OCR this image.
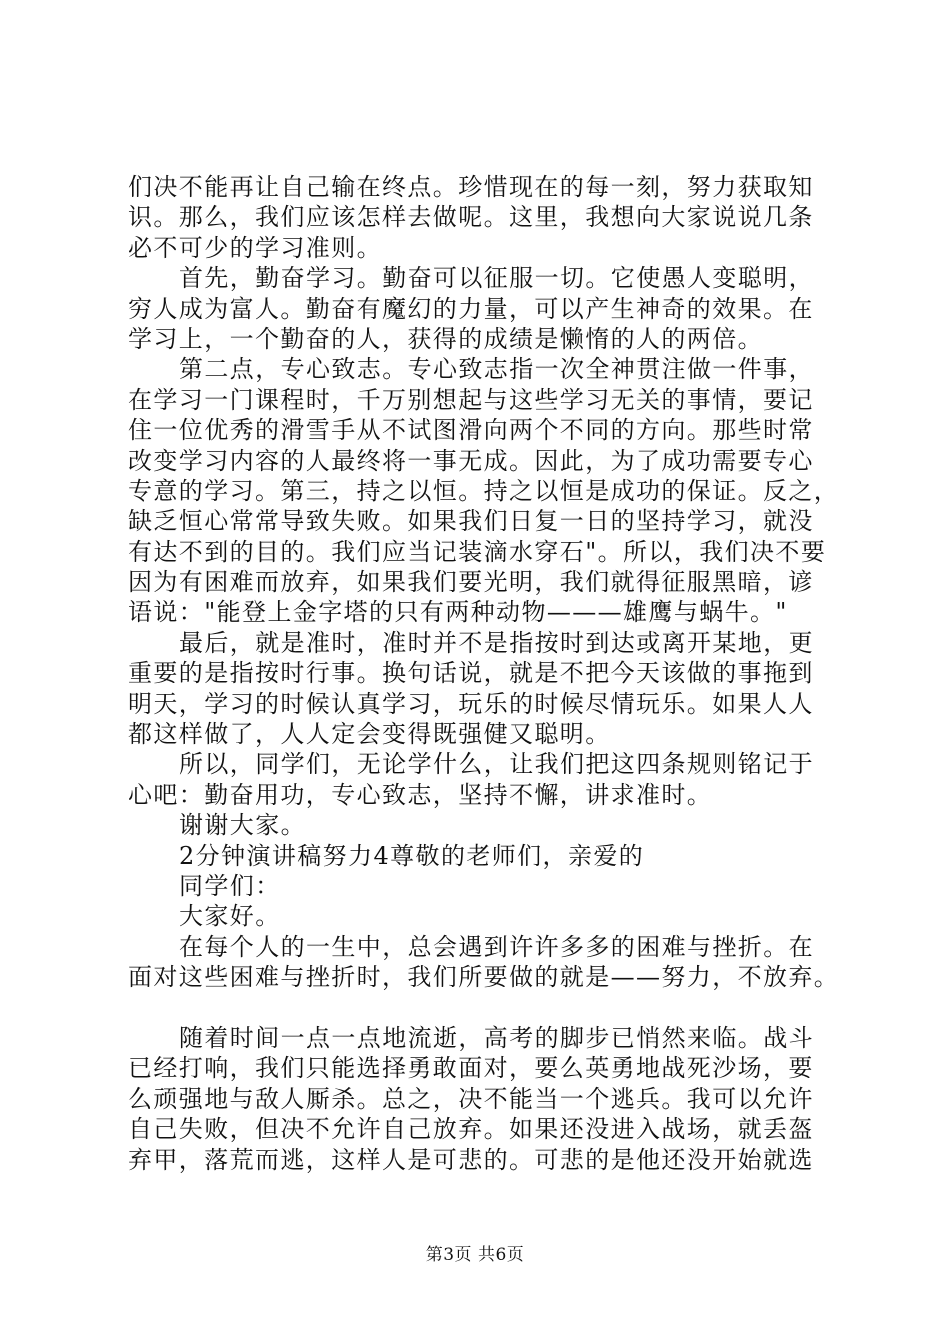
们决不能再让自己输在终点。珍惜现在的每一刻，努力获取知
识。那么，我们应该怎样去做呢。这里，我想向大家说说几条
必不可少的学习准则。
首先，勤奋学习。勤奋可以征服一切。它使愚人变聪明，
穷人成为富人。勤奋有魔幻的力量，可以产生神奇的效果。在
学习上，一个勤奋的人，获得的成绩是懒惰的人的两倍。
第二点，专心致志。专心致志指一次全神贯注做一件事，
在学习一门课程时，千万别想起与这些学习无关的事情，要记
住一位优秀的滑雪手从不试图滑向两个不同的方向。那些时常
改变学习内容的人最终将一事无成。因此，为了成功需要专心
专意的学习。第三，持之以恒。持之以恒是成功的保证。反之，
缺乏恒心常常导致失败。如果我们日复一日的坚持学习，就没
有达不到的目的。我们应当记装滴水穿石"。所以，我们决不要
因为有困难而放弃，如果我们要光明，我们就得征服黑暗，谚
语说："能登上金字塔的只有两种动物———雄鹰与蜗牛。"
最后，就是准时，准时并不是指按时到达或离开某地，更
重要的是指按时行事。换句话说，就是不把今天该做的事拖到
明天，学习的时候认真学习，玩乐的时候尽情玩乐。如果人人
都这样做了，人人定会变得既强健又聪明。
所以，同学们，无论学什么，让我们把这四条规则铭记于
心吧：勤奋用功，专心致志，坚持不懈，讲求准时。
谢谢大家。
2分钟演讲稿努力4尊敬的老师们，亲爱的
同学们：
大家好。
在每个人的一生中，总会遇到许许多多的困难与挫折。在
面对这些困难与挫折时，我们所要做的就是——努力，不放弃。
随着时间一点一点地流逝，高考的脚步已悄然来临。战斗
已经打响，我们只能选择勇敢面对，要么英勇地战死沙场，要
么顽强地与敌人厮杀。总之，决不能当一个逃兵。我可以允许
自己失败，但决不允许自己放弃。如果还没进入战场，就丢盔
弃甲，落荒而逃，这样人是可悲的。可悲的是他还没开始就选
第3页 共6页
